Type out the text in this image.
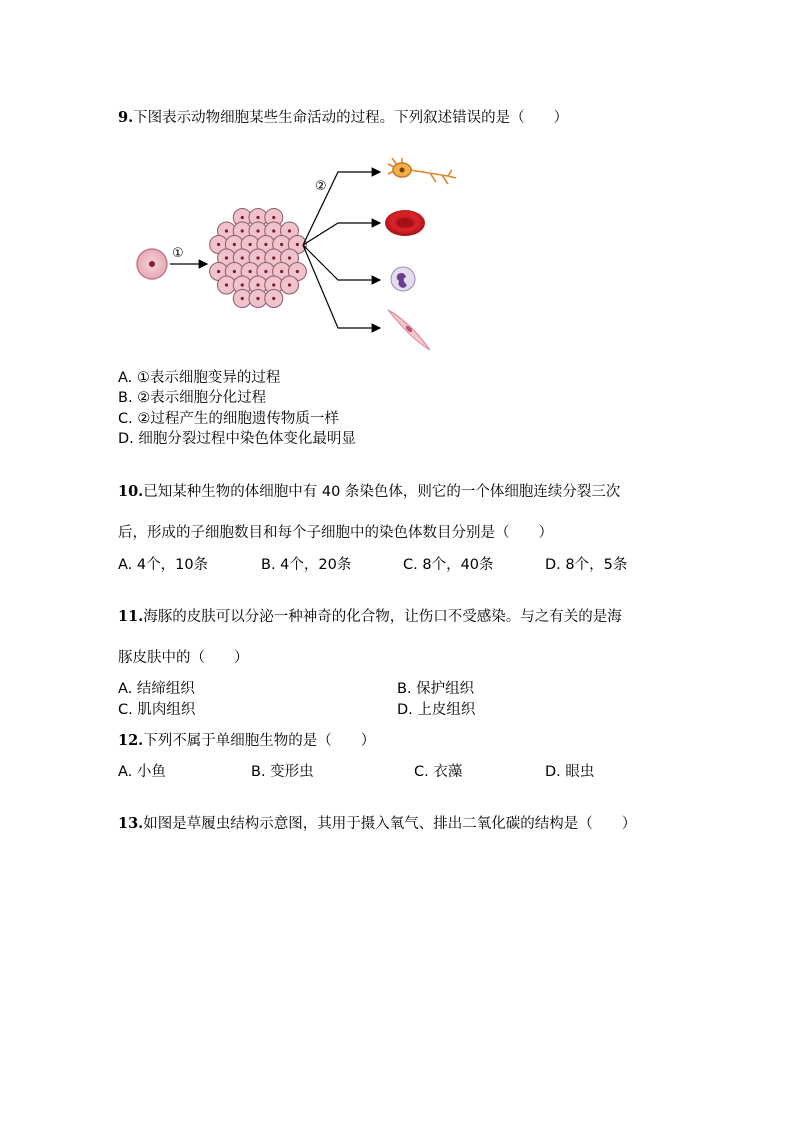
9.下图表示动物细胞某些生命活动的过程。下列叙述错误的是（　　）
①
②
A. ①表示细胞变异的过程
B. ②表示细胞分化过程
C. ②过程产生的细胞遗传物质一样
D. 细胞分裂过程中染色体变化最明显
10.已知某种生物的体细胞中有 40 条染色体，则它的一个体细胞连续分裂三次
后，形成的子细胞数目和每个子细胞中的染色体数目分别是（　　）
A. 4个，10条	B. 4个，20条	C. 8个，40条	D. 8个，5条
11.海豚的皮肤可以分泌一种神奇的化合物，让伤口不受感染。与之有关的是海
豚皮肤中的（　　）
A. 结缔组织	B. 保护组织
C. 肌肉组织	D. 上皮组织
12.下列不属于单细胞生物的是（　　）
A. 小鱼	B. 变形虫	C. 衣藻	D. 眼虫
13.如图是草履虫结构示意图，其用于摄入氧气、排出二氧化碳的结构是（　　）
